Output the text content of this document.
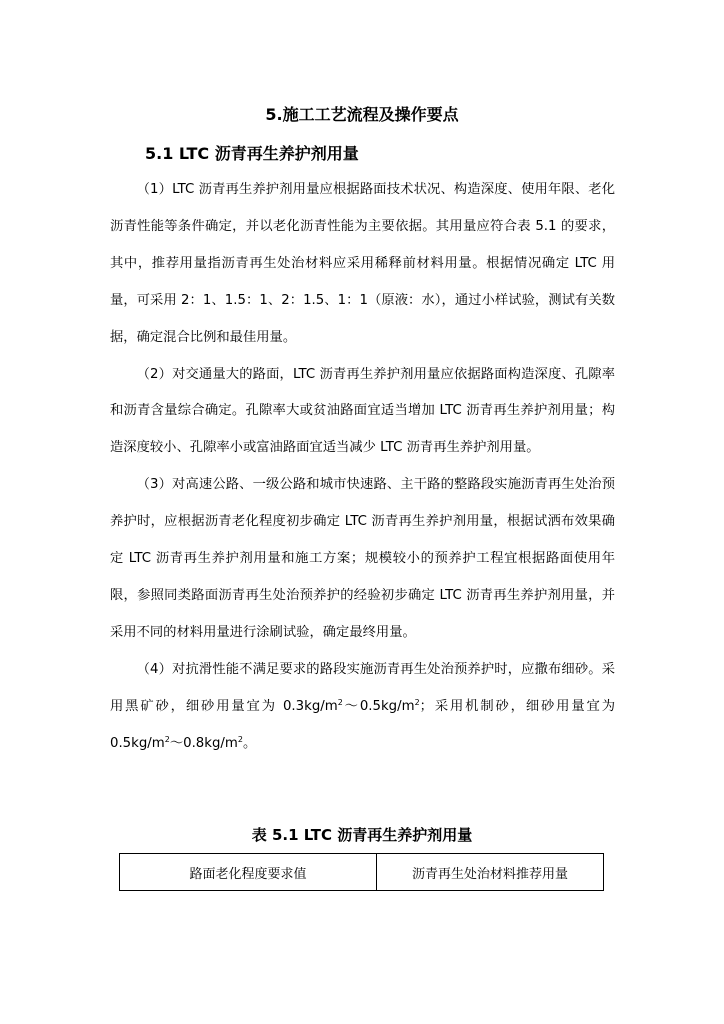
5.施工工艺流程及操作要点
5.1 LTC 沥青再生养护剂用量

（1）LTC 沥青再生养护剂用量应根据路面技术状况、构造深度、使用年限、老化沥青性能等条件确定，并以老化沥青性能为主要依据。其用量应符合表 5.1 的要求，其中，推荐用量指沥青再生处治材料应采用稀释前材料用量。根据情况确定 LTC 用量，可采用 2：1、1.5：1、2：1.5、1：1（原液：水），通过小样试验，测试有关数据，确定混合比例和最佳用量。

（2）对交通量大的路面，LTC 沥青再生养护剂用量应依据路面构造深度、孔隙率和沥青含量综合确定。孔隙率大或贫油路面宜适当增加 LTC 沥青再生养护剂用量；构造深度较小、孔隙率小或富油路面宜适当减少 LTC 沥青再生养护剂用量。

（3）对高速公路、一级公路和城市快速路、主干路的整路段实施沥青再生处治预养护时，应根据沥青老化程度初步确定 LTC 沥青再生养护剂用量，根据试洒布效果确定 LTC 沥青再生养护剂用量和施工方案；规模较小的预养护工程宜根据路面使用年限，参照同类路面沥青再生处治预养护的经验初步确定 LTC 沥青再生养护剂用量，并采用不同的材料用量进行涂刷试验，确定最终用量。

（4）对抗滑性能不满足要求的路段实施沥青再生处治预养护时，应撒布细砂。采用黑矿砂，细砂用量宜为 $0.3kg/m^2\sim 0.5kg/m^2$；采用机制砂，细砂用量宜为 $0.5kg/m^2\sim 0.8kg/m^2$。

表 5.1 LTC 沥青再生养护剂用量
路面老化程度要求值	沥青再生处治材料推荐用量
